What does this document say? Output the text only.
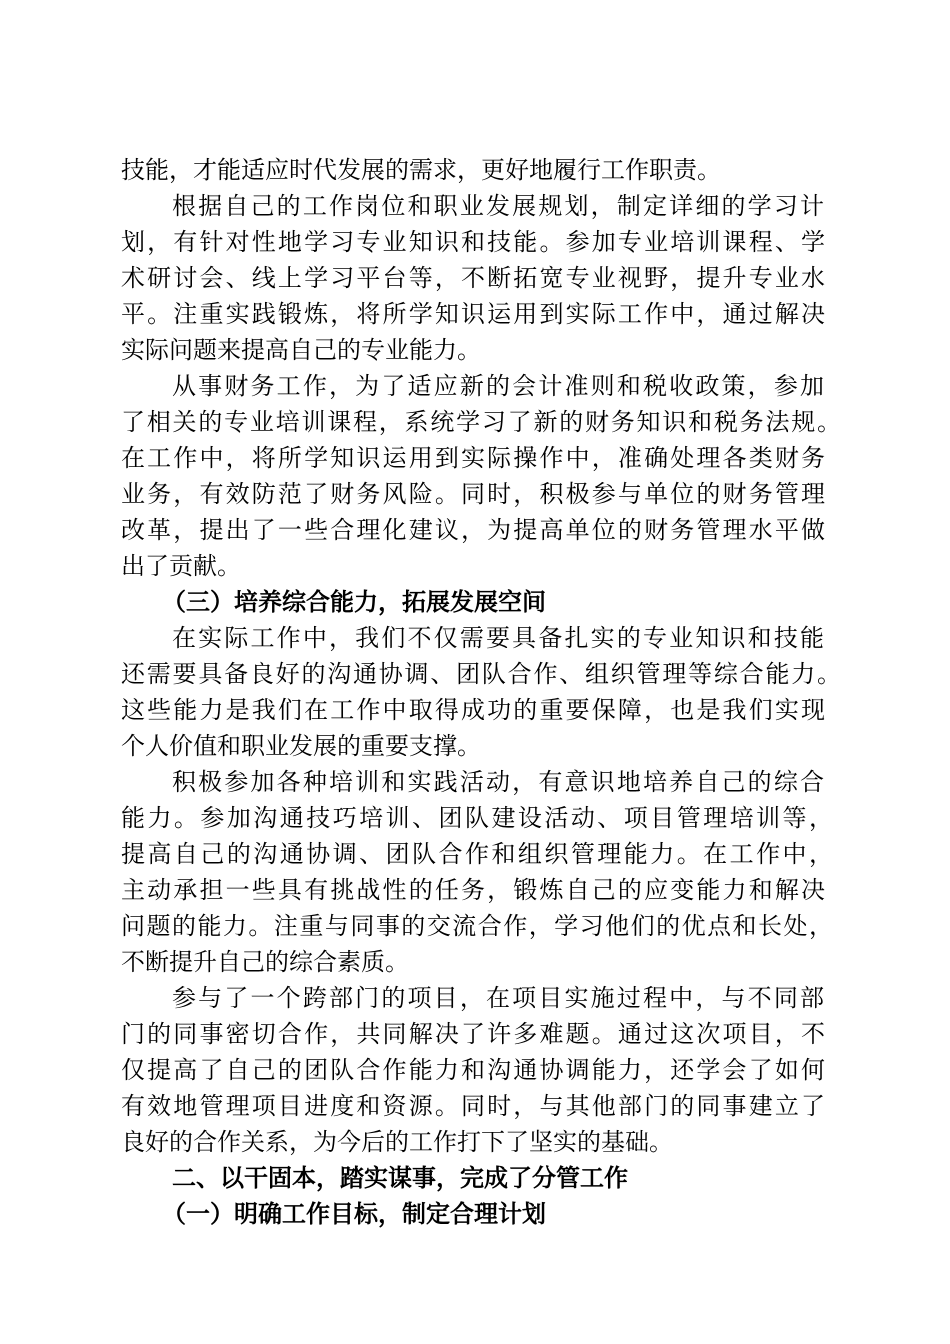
技能，才能适应时代发展的需求，更好地履行工作职责。
根据自己的工作岗位和职业发展规划，制定详细的学习计
划，有针对性地学习专业知识和技能。参加专业培训课程、学
术研讨会、线上学习平台等，不断拓宽专业视野，提升专业水
平。注重实践锻炼，将所学知识运用到实际工作中，通过解决
实际问题来提高自己的专业能力。
从事财务工作，为了适应新的会计准则和税收政策，参加
了相关的专业培训课程，系统学习了新的财务知识和税务法规。
在工作中，将所学知识运用到实际操作中，准确处理各类财务
业务，有效防范了财务风险。同时，积极参与单位的财务管理
改革，提出了一些合理化建议，为提高单位的财务管理水平做
出了贡献。
（三）培养综合能力，拓展发展空间
在实际工作中，我们不仅需要具备扎实的专业知识和技能
还需要具备良好的沟通协调、团队合作、组织管理等综合能力。
这些能力是我们在工作中取得成功的重要保障，也是我们实现
个人价值和职业发展的重要支撑。
积极参加各种培训和实践活动，有意识地培养自己的综合
能力。参加沟通技巧培训、团队建设活动、项目管理培训等，
提高自己的沟通协调、团队合作和组织管理能力。在工作中，
主动承担一些具有挑战性的任务，锻炼自己的应变能力和解决
问题的能力。注重与同事的交流合作，学习他们的优点和长处，
不断提升自己的综合素质。
参与了一个跨部门的项目，在项目实施过程中，与不同部
门的同事密切合作，共同解决了许多难题。通过这次项目，不
仅提高了自己的团队合作能力和沟通协调能力，还学会了如何
有效地管理项目进度和资源。同时，与其他部门的同事建立了
良好的合作关系，为今后的工作打下了坚实的基础。
二、以干固本，踏实谋事，完成了分管工作
（一）明确工作目标，制定合理计划
